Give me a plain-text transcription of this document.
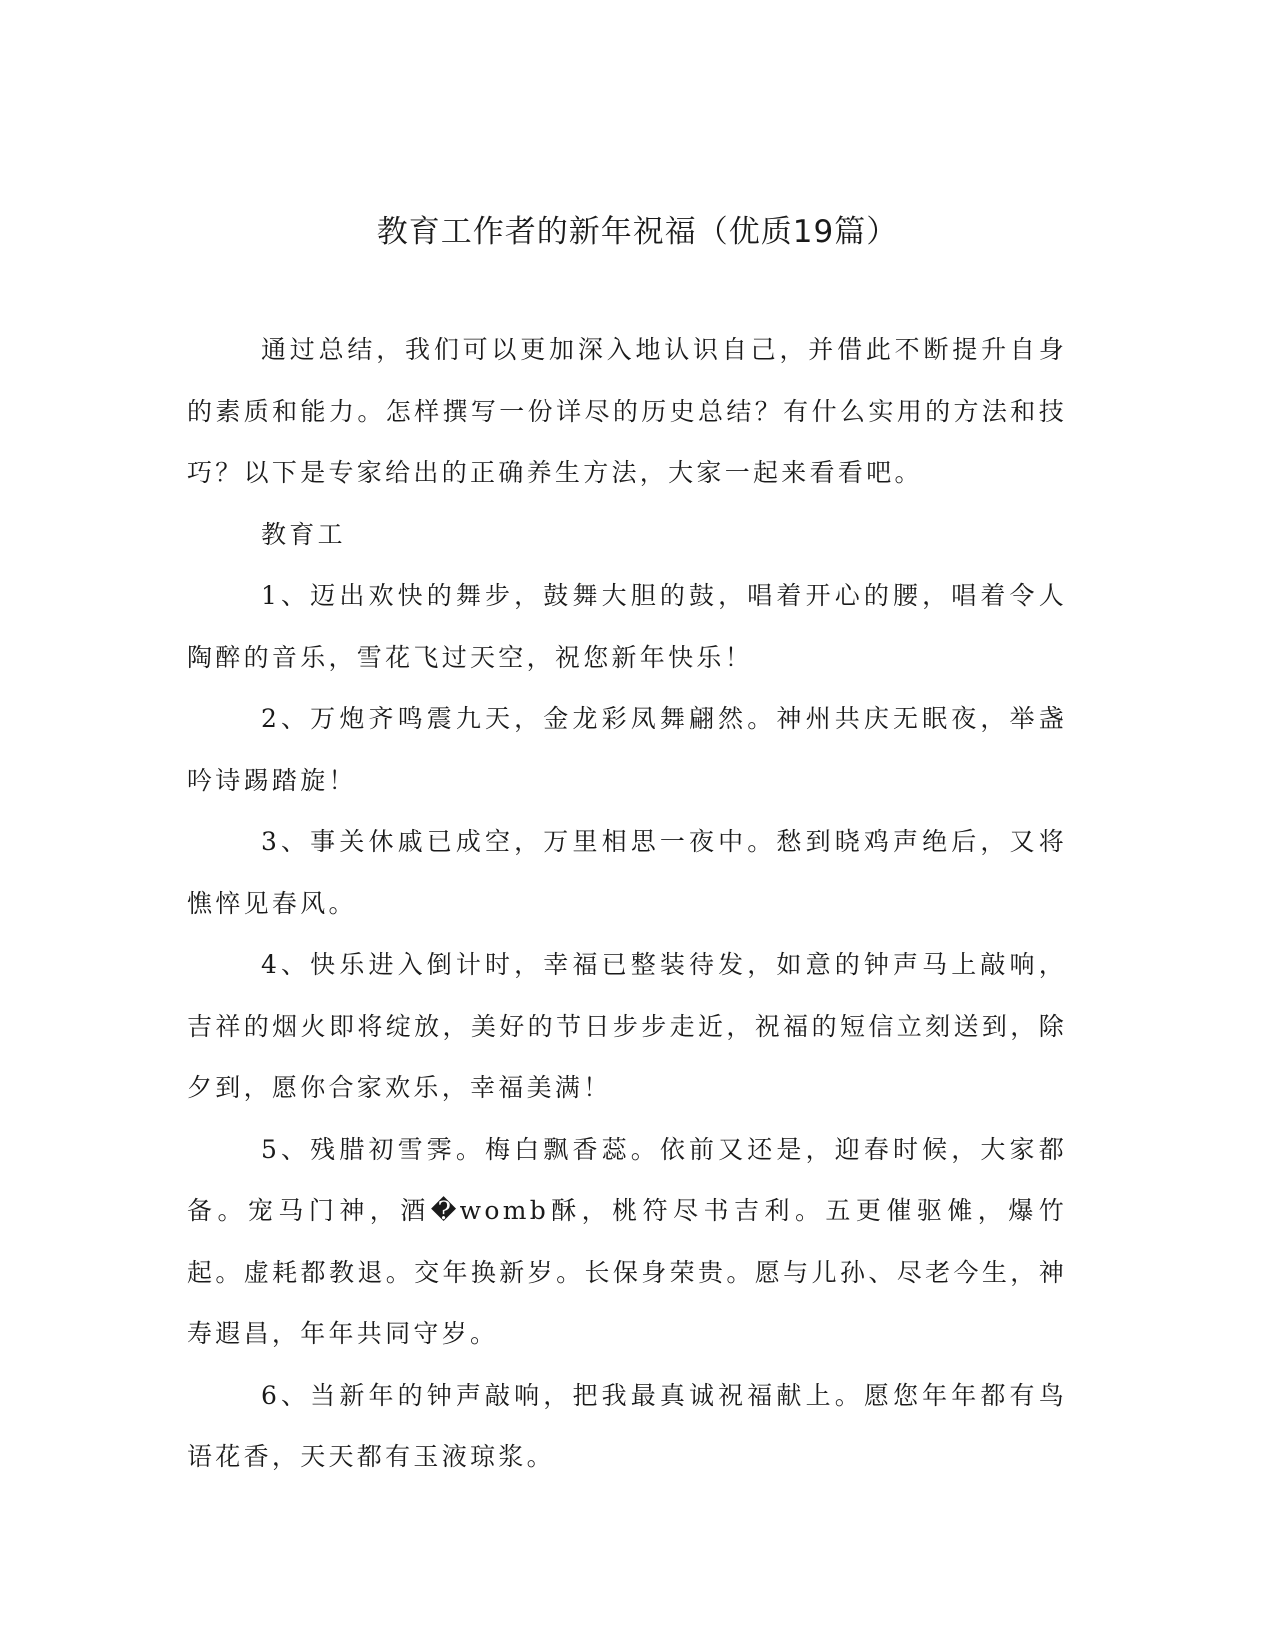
教育工作者的新年祝福（优质19篇）

通过总结，我们可以更加深入地认识自己，并借此不断提升自身的素质和能力。怎样撰写一份详尽的历史总结？有什么实用的方法和技巧？以下是专家给出的正确养生方法，大家一起来看看吧。

教育工

1、迈出欢快的舞步，鼓舞大胆的鼓，唱着开心的腰，唱着令人陶醉的音乐，雪花飞过天空，祝您新年快乐！

2、万炮齐鸣震九天，金龙彩凤舞翩然。神州共庆无眠夜，举盏吟诗踢踏旋！

3、事关休戚已成空，万里相思一夜中。愁到晓鸡声绝后，又将憔悴见春风。

4、快乐进入倒计时，幸福已整装待发，如意的钟声马上敲响，吉祥的烟火即将绽放，美好的节日步步走近，祝福的短信立刻送到，除夕到，愿你合家欢乐，幸福美满！

5、残腊初雪霁。梅白飘香蕊。依前又还是，迎春时候，大家都备。宠马门神，酒�womb酥，桃符尽书吉利。五更催驱傩，爆竹起。虚耗都教退。交年换新岁。长保身荣贵。愿与儿孙、尽老今生，神寿遐昌，年年共同守岁。

6、当新年的钟声敲响，把我最真诚祝福献上。愿您年年都有鸟语花香，天天都有玉液琼浆。
